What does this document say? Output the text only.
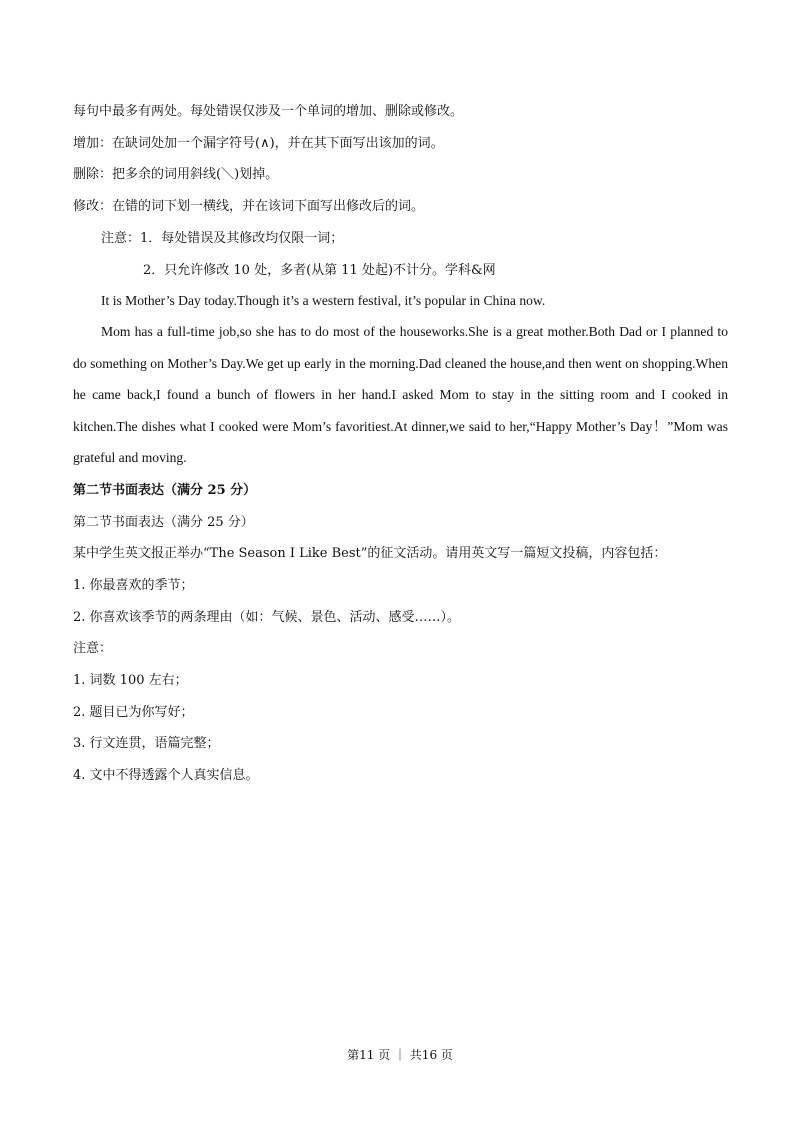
每句中最多有两处。每处错误仅涉及一个单词的增加、删除或修改。
增加：在缺词处加一个漏字符号(∧)，并在其下面写出该加的词。
删除：把多余的词用斜线(＼)划掉。
修改：在错的词下划一横线，并在该词下面写出修改后的词。
注意：1．每处错误及其修改均仅限一词；
2．只允许修改 10 处，多者(从第 11 处起)不计分。学科&网
It is Mother’s Day today.Though it’s a western festival, it’s popular in China now.
Mom has a full-time job,so she has to do most of the houseworks.She is a great mother.Both Dad or I planned to do something on Mother’s Day.We get up early in the morning.Dad cleaned the house,and then went on shopping.When he came back,I found a bunch of flowers in her hand.I asked Mom to stay in the sitting room and I cooked in kitchen.The dishes what I cooked were Mom’s favoritiest.At dinner,we said to her,“Happy Mother’s Day！”Mom was grateful and moving.
第二节书面表达（满分 25 分）
第二节书面表达（满分 25 分）
某中学生英文报正举办“The Season I Like Best”的征文活动。请用英文写一篇短文投稿，内容包括：
1. 你最喜欢的季节；
2. 你喜欢该季节的两条理由（如：气候、景色、活动、感受……）。
注意：
1. 词数 100 左右；
2. 题目已为你写好；
3. 行文连贯，语篇完整；
4. 文中不得透露个人真实信息。
第11 页 ｜ 共16 页
